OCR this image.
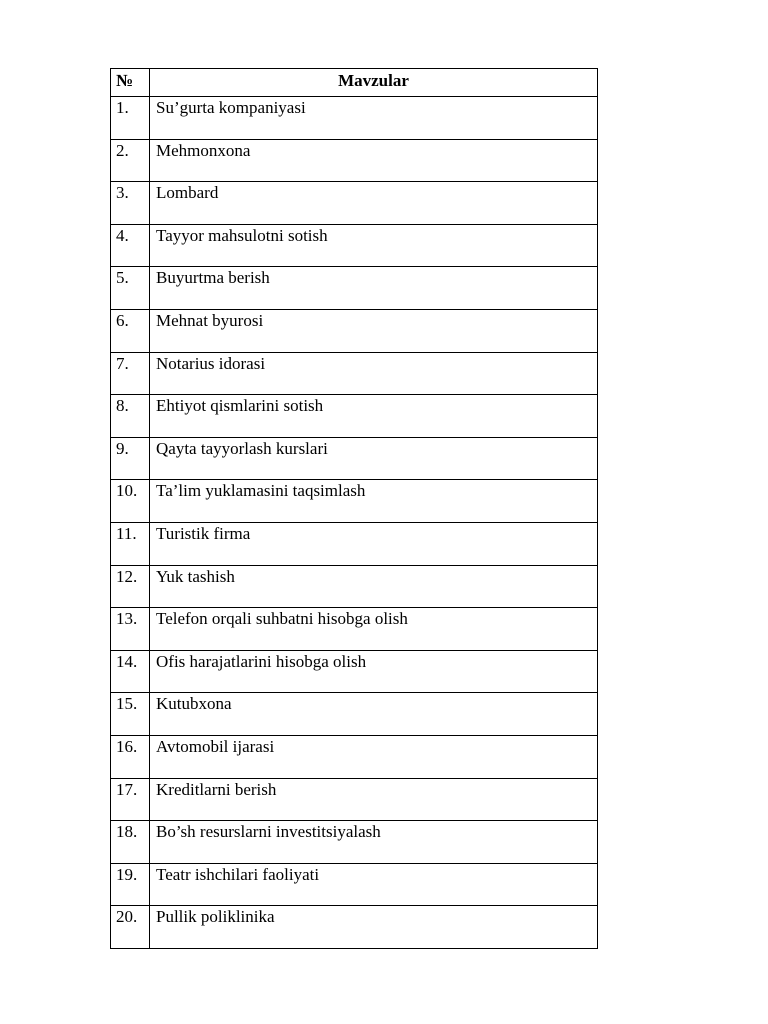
№	Mavzular
1.	Su’gurta kompaniyasi
2.	Mehmonxona
3.	Lombard
4.	Tayyor mahsulotni sotish
5.	Buyurtma berish
6.	Mehnat byurosi
7.	Notarius idorasi
8.	Ehtiyot qismlarini sotish
9.	Qayta tayyorlash kurslari
10.	Ta’lim yuklamasini taqsimlash
11.	Turistik firma
12.	Yuk tashish
13.	Telefon orqali suhbatni hisobga olish
14.	Ofis harajatlarini hisobga olish
15.	Kutubxona
16.	Avtomobil ijarasi
17.	Kreditlarni berish
18.	Bo’sh resurslarni investitsiyalash
19.	Teatr ishchilari faoliyati
20.	Pullik poliklinika
